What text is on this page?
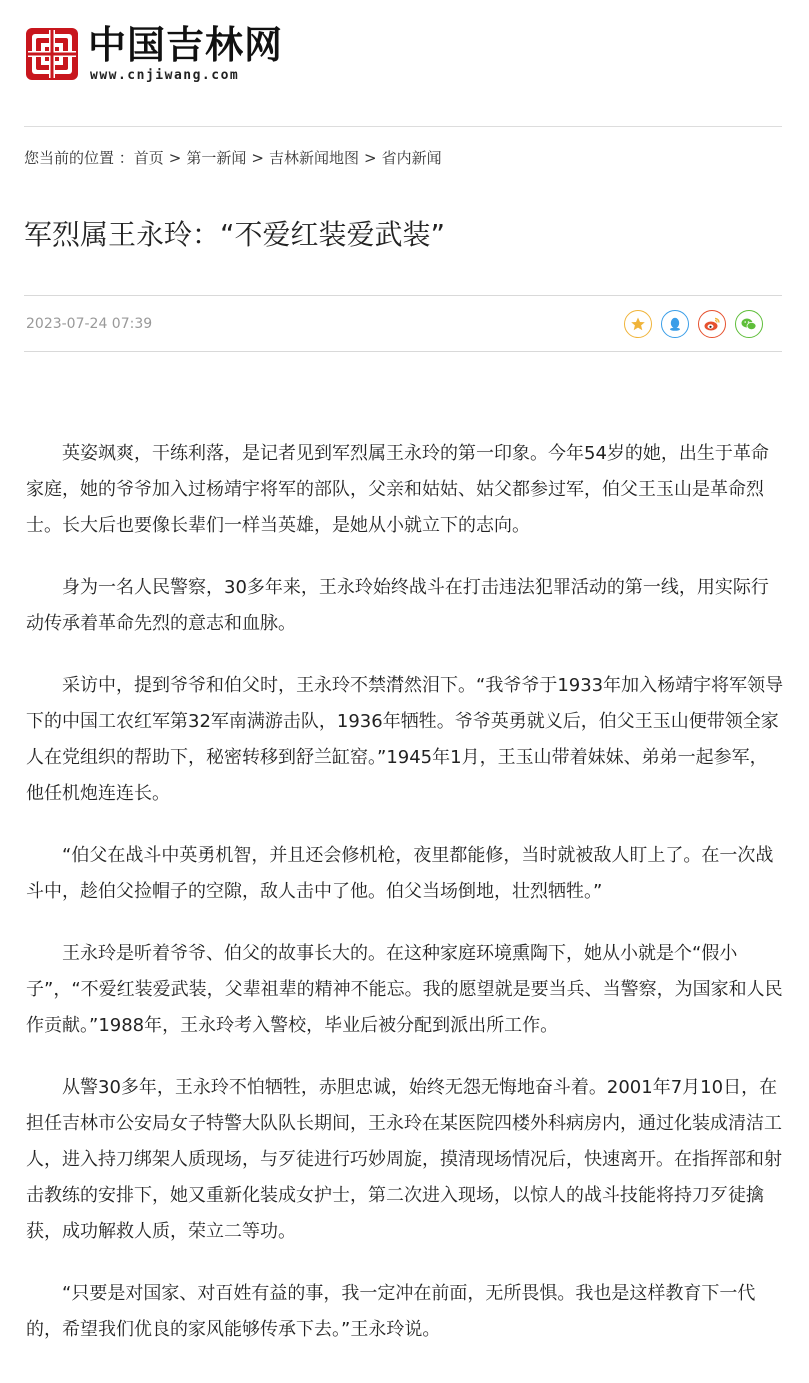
中国吉林网
www.cnjiwang.com
您当前的位置 ：首页 > 第一新闻 > 吉林新闻地图 > 省内新闻
军烈属王永玲：“不爱红装爱武装”
2023-07-24 07:39

英姿飒爽，干练利落，是记者见到军烈属王永玲的第一印象。今年54岁的她，出生于革命家庭，她的爷爷加入过杨靖宇将军的部队，父亲和姑姑、姑父都参过军，伯父王玉山是革命烈士。长大后也要像长辈们一样当英雄，是她从小就立下的志向。

身为一名人民警察，30多年来，王永玲始终战斗在打击违法犯罪活动的第一线，用实际行动传承着革命先烈的意志和血脉。

采访中，提到爷爷和伯父时，王永玲不禁潸然泪下。“我爷爷于1933年加入杨靖宇将军领导下的中国工农红军第32军南满游击队，1936年牺牲。爷爷英勇就义后，伯父王玉山便带领全家人在党组织的帮助下，秘密转移到舒兰缸窑。”1945年1月，王玉山带着妹妹、弟弟一起参军，他任机炮连连长。

“伯父在战斗中英勇机智，并且还会修机枪，夜里都能修，当时就被敌人盯上了。在一次战斗中，趁伯父捡帽子的空隙，敌人击中了他。伯父当场倒地，壮烈牺牲。”

王永玲是听着爷爷、伯父的故事长大的。在这种家庭环境熏陶下，她从小就是个“假小子”，“不爱红装爱武装，父辈祖辈的精神不能忘。我的愿望就是要当兵、当警察，为国家和人民作贡献。”1988年，王永玲考入警校，毕业后被分配到派出所工作。

从警30多年，王永玲不怕牺牲，赤胆忠诚，始终无怨无悔地奋斗着。2001年7月10日，在担任吉林市公安局女子特警大队队长期间，王永玲在某医院四楼外科病房内，通过化装成清洁工人，进入持刀绑架人质现场，与歹徒进行巧妙周旋，摸清现场情况后，快速离开。在指挥部和射击教练的安排下，她又重新化装成女护士，第二次进入现场，以惊人的战斗技能将持刀歹徒擒获，成功解救人质，荣立二等功。

“只要是对国家、对百姓有益的事，我一定冲在前面，无所畏惧。我也是这样教育下一代的，希望我们优良的家风能够传承下去。”王永玲说。
